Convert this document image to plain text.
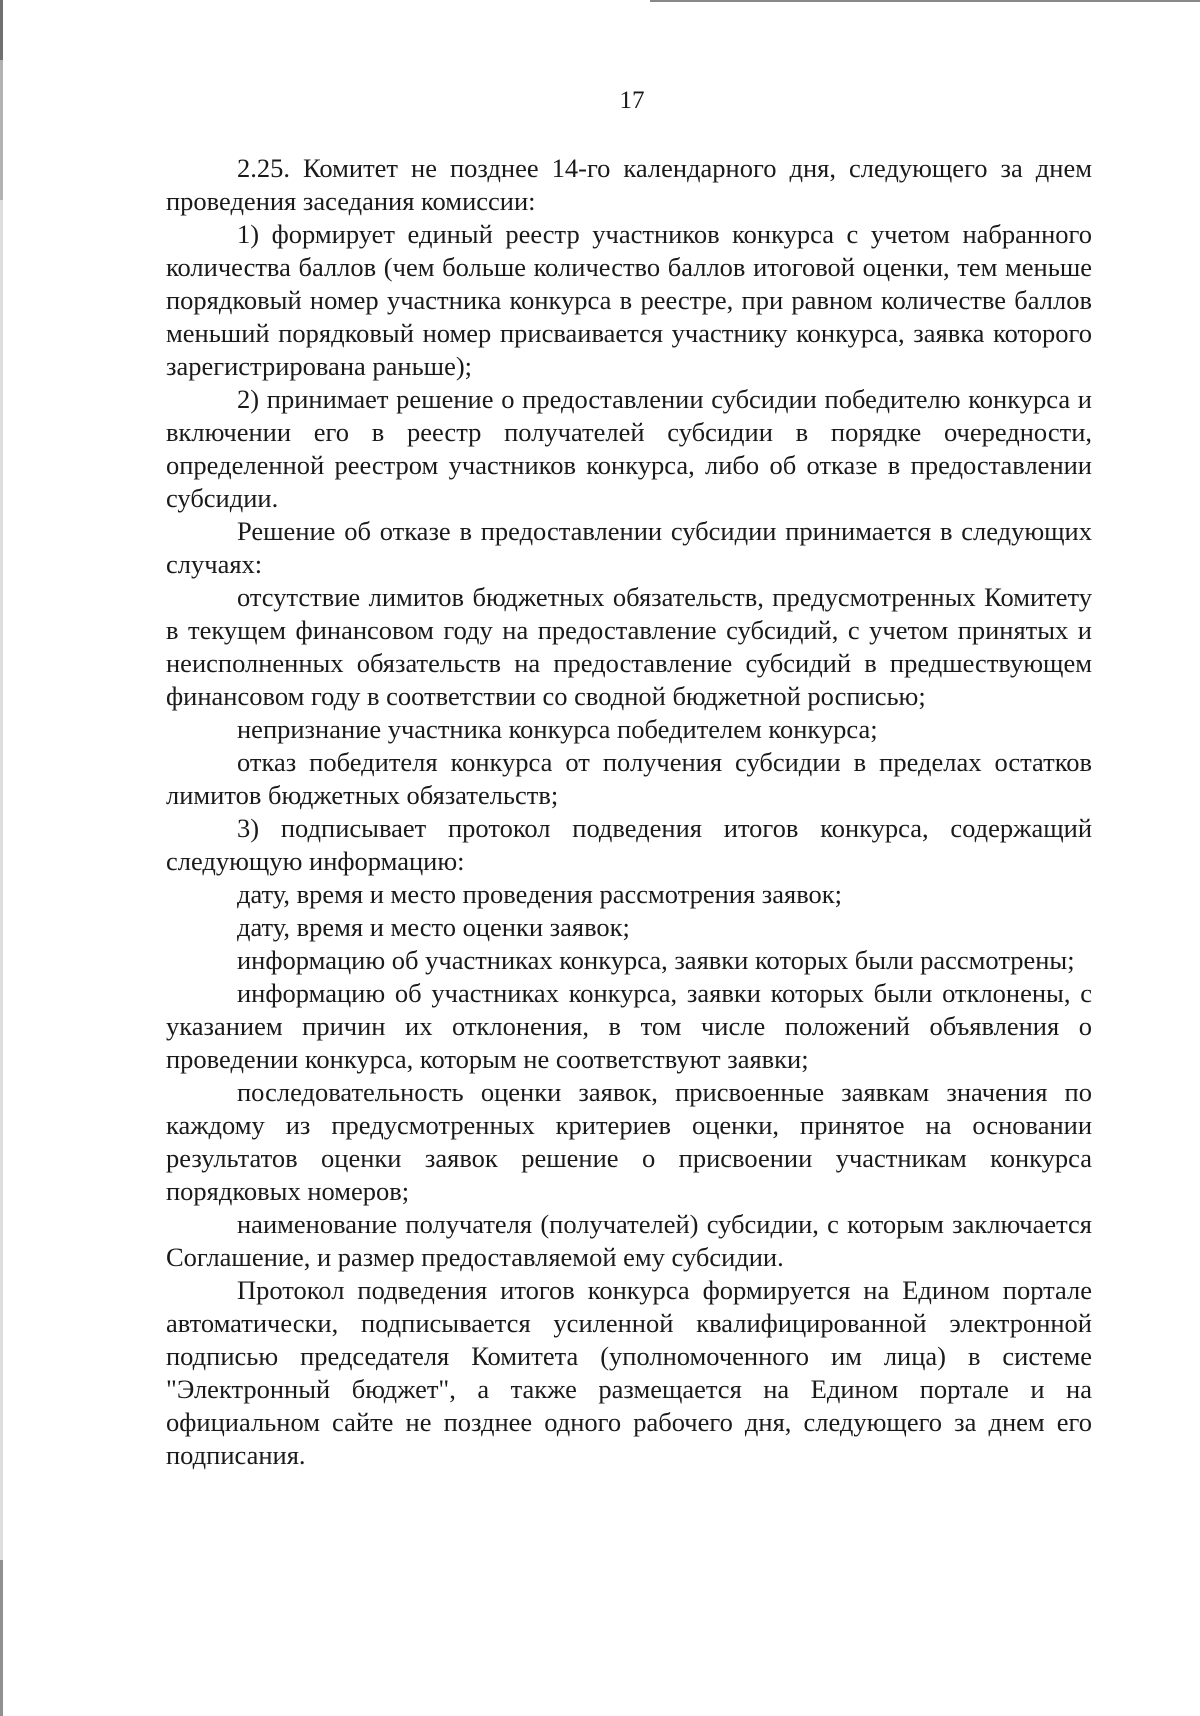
17

2.25. Комитет не позднее 14-го календарного дня, следующего за днем проведения заседания комиссии:

1) формирует единый реестр участников конкурса с учетом набранного количества баллов (чем больше количество баллов итоговой оценки, тем меньше порядковый номер участника конкурса в реестре, при равном количестве баллов меньший порядковый номер присваивается участнику конкурса, заявка которого зарегистрирована раньше);

2) принимает решение о предоставлении субсидии победителю конкурса и включении его в реестр получателей субсидии в порядке очередности, определенной реестром участников конкурса, либо об отказе в предоставлении субсидии.

Решение об отказе в предоставлении субсидии принимается в следующих случаях:

отсутствие лимитов бюджетных обязательств, предусмотренных Комитету в текущем финансовом году на предоставление субсидий, с учетом принятых и неисполненных обязательств на предоставление субсидий в предшествующем финансовом году в соответствии со сводной бюджетной росписью;

непризнание участника конкурса победителем конкурса;

отказ победителя конкурса от получения субсидии в пределах остатков лимитов бюджетных обязательств;

3) подписывает протокол подведения итогов конкурса, содержащий следующую информацию:

дату, время и место проведения рассмотрения заявок;

дату, время и место оценки заявок;

информацию об участниках конкурса, заявки которых были рассмотрены;

информацию об участниках конкурса, заявки которых были отклонены, с указанием причин их отклонения, в том числе положений объявления о проведении конкурса, которым не соответствуют заявки;

последовательность оценки заявок, присвоенные заявкам значения по каждому из предусмотренных критериев оценки, принятое на основании результатов оценки заявок решение о присвоении участникам конкурса порядковых номеров;

наименование получателя (получателей) субсидии, с которым заключается Соглашение, и размер предоставляемой ему субсидии.

Протокол подведения итогов конкурса формируется на Едином портале автоматически, подписывается усиленной квалифицированной электронной подписью председателя Комитета (уполномоченного им лица) в системе "Электронный бюджет", а также размещается на Едином портале и на официальном сайте не позднее одного рабочего дня, следующего за днем его подписания.
